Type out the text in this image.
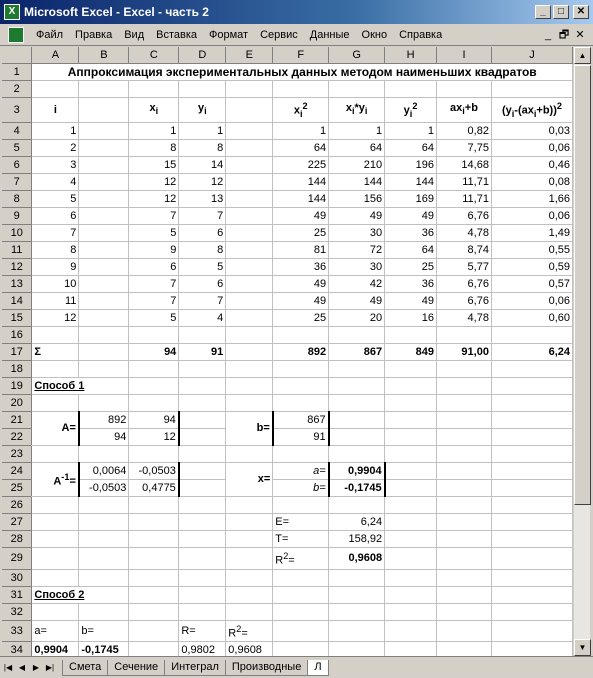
X Microsoft Excel - Excel - часть 2	_	□	✕
Файл	Правка	Вид	Вставка	Формат	Сервис	Данные	Окно	Справка	_ 🗗 ✕
	A	B	C	D	E	F	G	H	I	J
1	Аппроксимация экспериментальных данных методом наименьших квадратов									
2										
3	i		$x_i$	$y_i$		$x_i^2$	$x_i*y_i$	$y_i^2$	$ax_i+b$	$(y_i-(ax_i+b))^2$
4	1		1	1		1	1	1	0,82	0,03
5	2		8	8		64	64	64	7,75	0,06
6	3		15	14		225	210	196	14,68	0,46
7	4		12	12		144	144	144	11,71	0,08
8	5		12	13		144	156	169	11,71	1,66
9	6		7	7		49	49	49	6,76	0,06
10	7		5	6		25	30	36	4,78	1,49
11	8		9	8		81	72	64	8,74	0,55
12	9		6	5		36	30	25	5,77	0,59
13	10		7	6		49	42	36	6,76	0,57
14	11		7	7		49	49	49	6,76	0,06
15	12		5	4		25	20	16	4,78	0,60
16										
17	Σ		94	91		892	867	849	91,00	6,24
18										
19	Способ 1									
20										
21	A=	892	94		b=	867				
22		94	12			91				
23										
24	$A^{-1}=$	0,0064	-0,0503		x=	a=	0,9904			
25		-0,0503	0,4775			b=	-0,1745			
26										
27						E=	6,24			
28						T=	158,92			
29						$R^2=$	0,9608			
30										
31	Способ 2									
32										
33	a=	b=		R=	$R^2=$					
34	0,9904	-0,1745		0,9802	0,9608					
▲
▼
|◀ ◀ ▶ ▶|	Смета	Сечение	Интеграл	Производные	Л
